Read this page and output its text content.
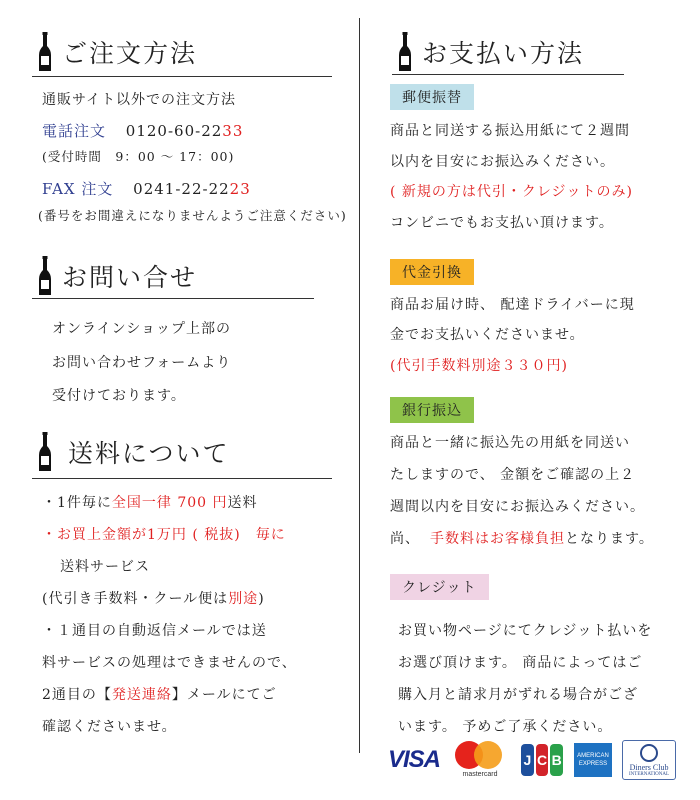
ご注文方法
通販サイト以外での注文方法
電話注文 0120-60-2233
(受付時間　9：00 ～ 17：00)
FAX 注文 0241-22-2223
(番号をお間違えになりませんようご注意ください)
お問い合せ
オンラインショップ上部の
お問い合わせフォームより
受付けております。
送料について
・1件毎に全国一律 700 円送料
・お買上金額が1万円 ( 税抜)　毎に
送料サービス
(代引き手数料・クール便は別途)
・１通目の自動返信メールでは送
料サービスの処理はできませんので、
2通目の【発送連絡】メールにてご
確認くださいませ。
お支払い方法
郵便振替
商品と同送する振込用紙にて２週間
以内を目安にお振込みください。
( 新規の方は代引・クレジットのみ)
コンビニでもお支払い頂けます。
代金引換
商品お届け時、 配達ドライバーに現
金でお支払いくださいませ。
(代引手数料別途３３０円)
銀行振込
商品と一緒に振込先の用紙を同送い
たしますので、 金額をご確認の上２
週間以内を目安にお振込みください。
尚、 手数料はお客様負担となります。
クレジット
お買い物ページにてクレジット払いを
お選び頂けます。 商品によってはご
購入月と請求月がずれる場合がござ
います。 予めご了承ください。
VISA
mastercard
J C B	AMERICAN
EXPRESS	Diners Club
INTERNATIONAL
